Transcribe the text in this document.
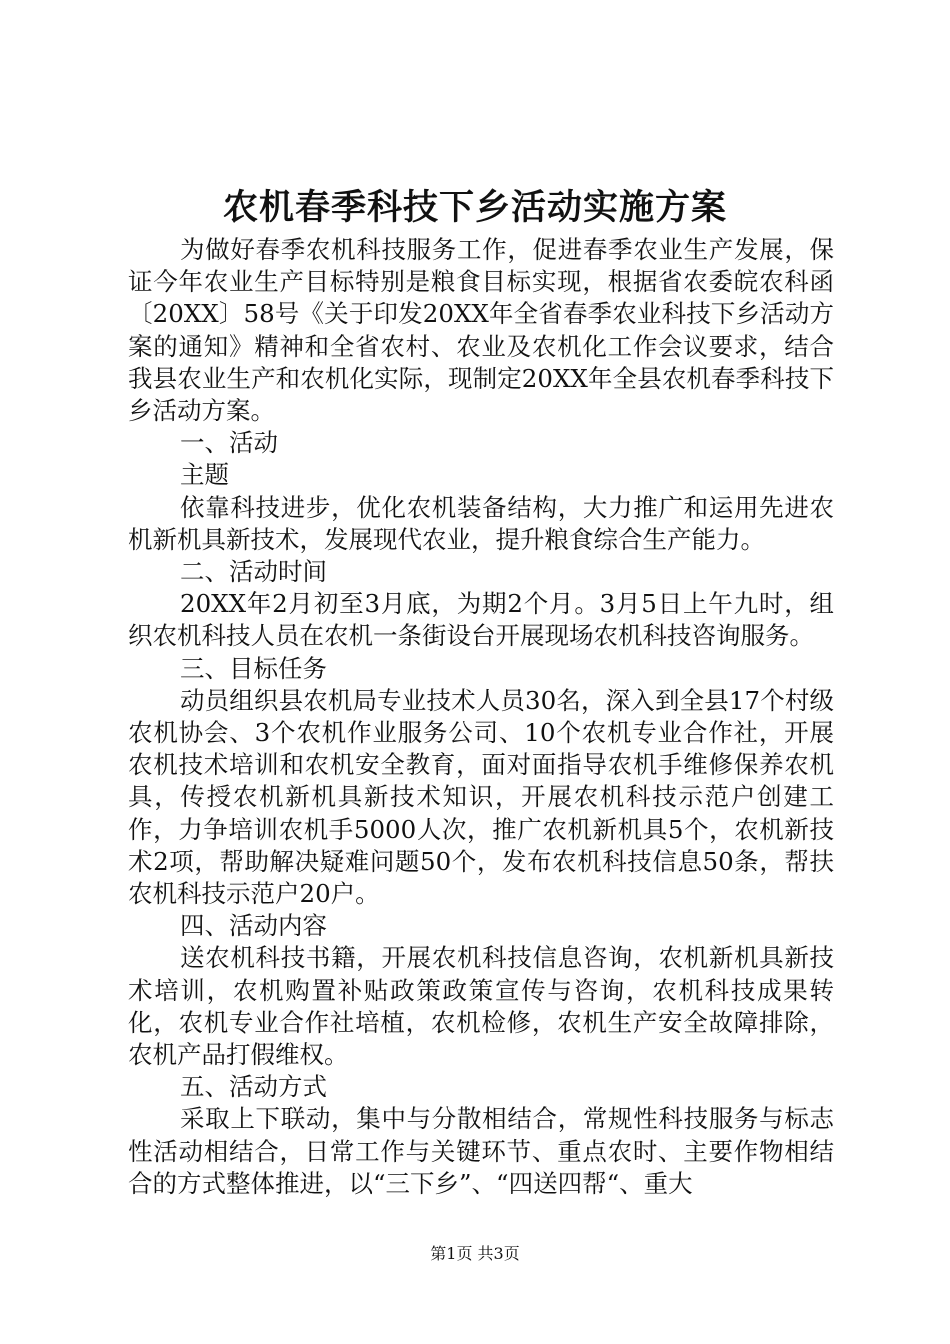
农机春季科技下乡活动实施方案

为做好春季农机科技服务工作，促进春季农业生产发展，保证今年农业生产目标特别是粮食目标实现，根据省农委皖农科函〔20XX〕58号《关于印发20XX年全省春季农业科技下乡活动方案的通知》精神和全省农村、农业及农机化工作会议要求，结合我县农业生产和农机化实际，现制定20XX年全县农机春季科技下乡活动方案。

一、活动

主题

依靠科技进步，优化农机装备结构，大力推广和运用先进农机新机具新技术，发展现代农业，提升粮食综合生产能力。

二、活动时间

20XX年2月初至3月底，为期2个月。3月5日上午九时，组织农机科技人员在农机一条街设台开展现场农机科技咨询服务。

三、目标任务

动员组织县农机局专业技术人员30名，深入到全县17个村级农机协会、3个农机作业服务公司、10个农机专业合作社，开展农机技术培训和农机安全教育，面对面指导农机手维修保养农机具，传授农机新机具新技术知识，开展农机科技示范户创建工作，力争培训农机手5000人次，推广农机新机具5个，农机新技术2项，帮助解决疑难问题50个，发布农机科技信息50条，帮扶农机科技示范户20户。

四、活动内容

送农机科技书籍，开展农机科技信息咨询，农机新机具新技术培训，农机购置补贴政策政策宣传与咨询，农机科技成果转化，农机专业合作社培植，农机检修，农机生产安全故障排除，农机产品打假维权。

五、活动方式

采取上下联动，集中与分散相结合，常规性科技服务与标志性活动相结合，日常工作与关键环节、重点农时、主要作物相结合的方式整体推进，以“三下乡”、“四送四帮“、重大

第1页 共3页
